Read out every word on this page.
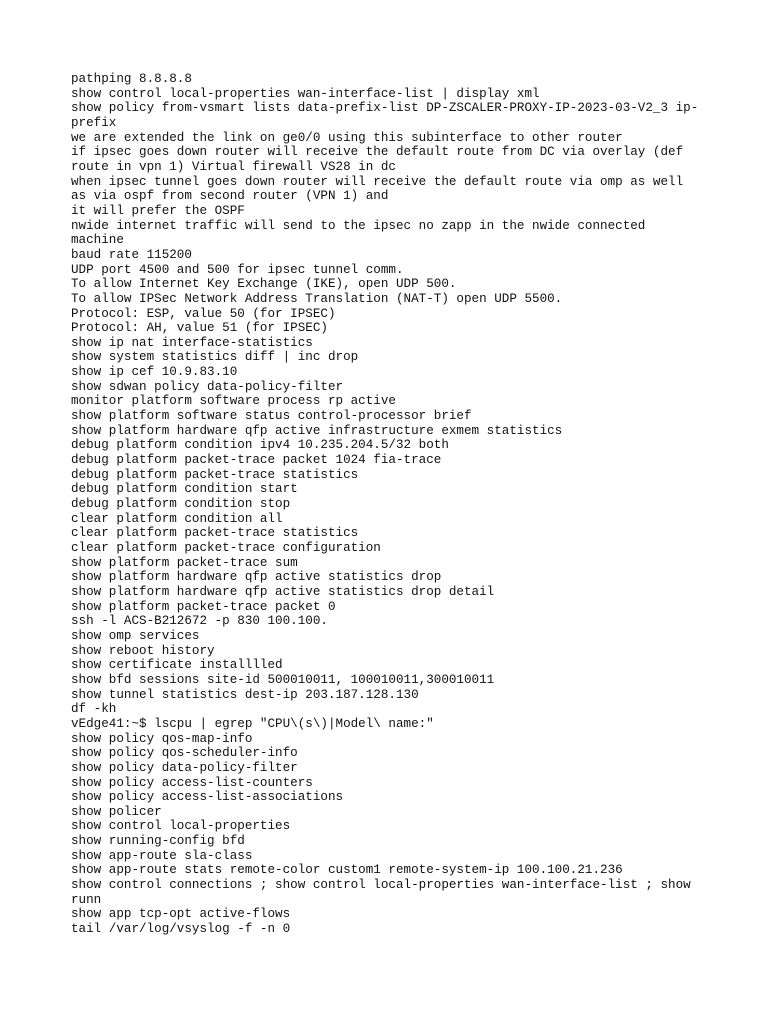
pathping 8.8.8.8
show control local-properties wan-interface-list | display xml
show policy from-vsmart lists data-prefix-list DP-ZSCALER-PROXY-IP-2023-03-V2_3 ip-
prefix
we are extended the link on ge0/0 using this subinterface to other router
if ipsec goes down router will receive the default route from DC via overlay (def
route in vpn 1) Virtual firewall VS28 in dc
when ipsec tunnel goes down router will receive the default route via omp as well
as via ospf from second router (VPN 1) and
it will prefer the OSPF
nwide internet traffic will send to the ipsec no zapp in the nwide connected
machine
baud rate 115200
UDP port 4500 and 500 for ipsec tunnel comm.
To allow Internet Key Exchange (IKE), open UDP 500.
To allow IPSec Network Address Translation (NAT-T) open UDP 5500.
Protocol: ESP, value 50 (for IPSEC)
Protocol: AH, value 51 (for IPSEC)
show ip nat interface-statistics
show system statistics diff | inc drop
show ip cef 10.9.83.10
show sdwan policy data-policy-filter
monitor platform software process rp active
show platform software status control-processor brief
show platform hardware qfp active infrastructure exmem statistics
debug platform condition ipv4 10.235.204.5/32 both
debug platform packet-trace packet 1024 fia-trace
debug platform packet-trace statistics
debug platform condition start
debug platform condition stop
clear platform condition all
clear platform packet-trace statistics
clear platform packet-trace configuration
show platform packet-trace sum
show platform hardware qfp active statistics drop
show platform hardware qfp active statistics drop detail
show platform packet-trace packet 0
ssh -l ACS-B212672 -p 830 100.100.
show omp services
show reboot history
show certificate installlled
show bfd sessions site-id 500010011, 100010011,300010011
show tunnel statistics dest-ip 203.187.128.130
df -kh
vEdge41:~$ lscpu | egrep "CPU\(s\)|Model\ name:"
show policy qos-map-info
show policy qos-scheduler-info
show policy data-policy-filter
show policy access-list-counters
show policy access-list-associations
show policer
show control local-properties
show running-config bfd
show app-route sla-class
show app-route stats remote-color custom1 remote-system-ip 100.100.21.236
show control connections ; show control local-properties wan-interface-list ; show
runn
show app tcp-opt active-flows
tail /var/log/vsyslog -f -n 0
